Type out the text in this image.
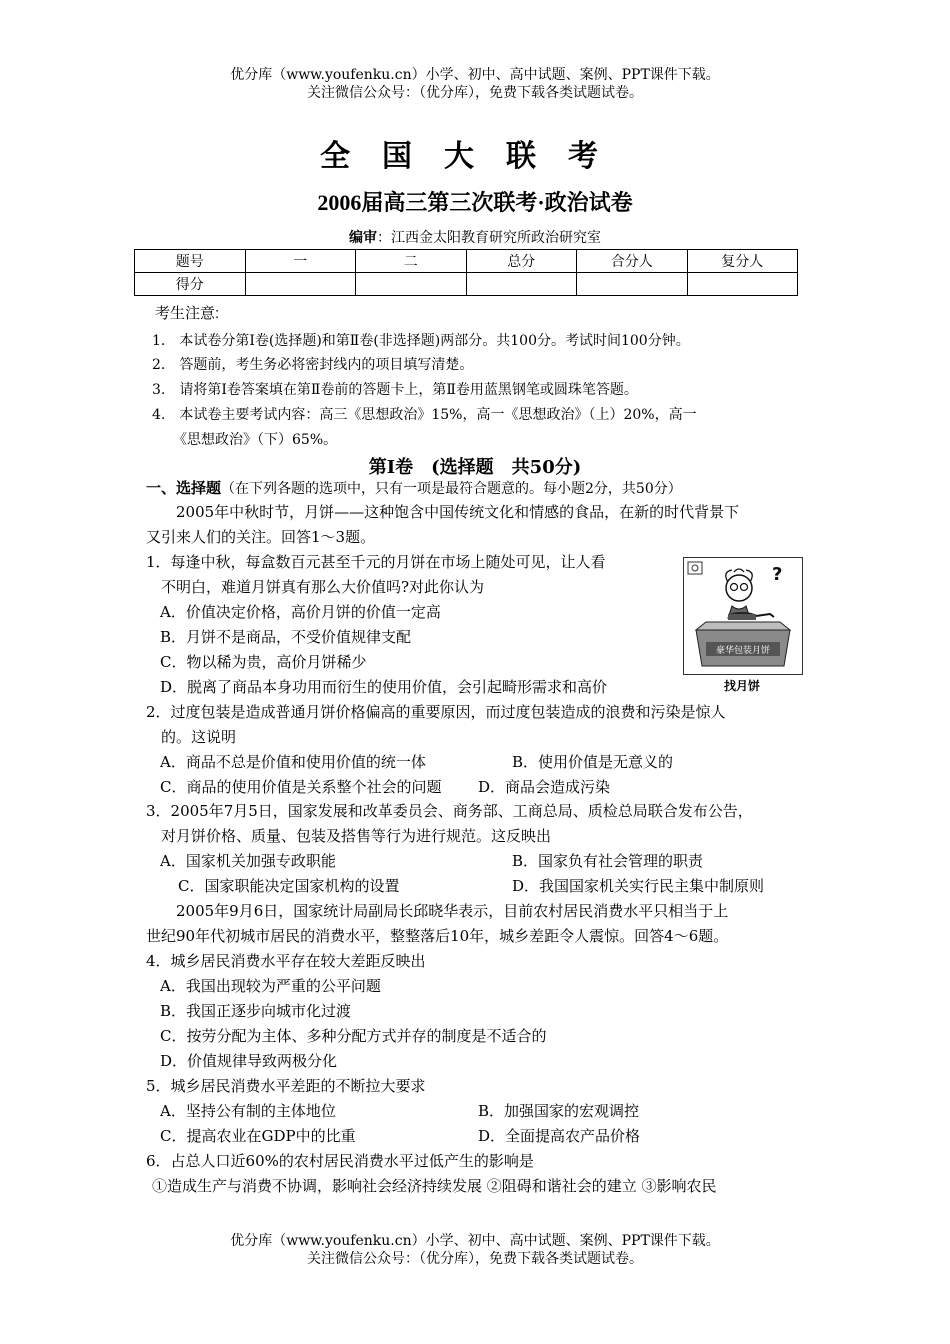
优分库（www.youfenku.cn）小学、初中、高中试题、案例、PPT课件下载。
关注微信公众号：（优分库），免费下载各类试题试卷。
全国大联考
2006届高三第三次联考·政治试卷
编审：江西金太阳教育研究所政治研究室
题号	一	二	总分	合分人	复分人
得分					
考生注意:
1.　本试卷分第Ⅰ卷(选择题)和第Ⅱ卷(非选择题)两部分。共100分。考试时间100分钟。
2.　答题前，考生务必将密封线内的项目填写清楚。
3.　请将第Ⅰ卷答案填在第Ⅱ卷前的答题卡上，第Ⅱ卷用蓝黑钢笔或圆珠笔答题。
4.　本试卷主要考试内容：高三《思想政治》15%，高一《思想政治》（上）20%，高一
　　《思想政治》（下）65%。
第Ⅰ卷　(选择题　共50分)
一、选择题（在下列各题的选项中，只有一项是最符合题意的。每小题2分，共50分）
　　2005年中秋时节，月饼——这种饱含中国传统文化和情感的食品，在新的时代背景下
又引来人们的关注。回答1～3题。
1．每逢中秋，每盒数百元甚至千元的月饼在市场上随处可见，让人看
　不明白，难道月饼真有那么大价值吗?对此你认为
A．价值决定价格，高价月饼的价值一定高
B．月饼不是商品，不受价值规律支配
C．物以稀为贵，高价月饼稀少
D．脱离了商品本身功用而衍生的使用价值，会引起畸形需求和高价
?
豪华包装月饼
找月饼
2．过度包装是造成普通月饼价格偏高的重要原因，而过度包装造成的浪费和污染是惊人
　的。这说明
A．商品不总是价值和使用价值的统一体	B．使用价值是无意义的
C．商品的使用价值是关系整个社会的问题 D．商品会造成污染
3．2005年7月5日，国家发展和改革委员会、商务部、工商总局、质检总局联合发布公告，
　对月饼价格、质量、包装及搭售等行为进行规范。这反映出
A．国家机关加强专政职能	B．国家负有社会管理的职责
C．国家职能决定国家机构的设置	D．我国国家机关实行民主集中制原则
　　2005年9月6日，国家统计局副局长邱晓华表示，目前农村居民消费水平只相当于上
世纪90年代初城市居民的消费水平，整整落后10年，城乡差距令人震惊。回答4～6题。
4．城乡居民消费水平存在较大差距反映出
A．我国出现较为严重的公平问题
B．我国正逐步向城市化过渡
C．按劳分配为主体、多种分配方式并存的制度是不适合的
D．价值规律导致两极分化
5．城乡居民消费水平差距的不断拉大要求
A．坚持公有制的主体地位	B．加强国家的宏观调控
C．提高农业在GDP中的比重	D．全面提高农产品价格
6．占总人口近60%的农村居民消费水平过低产生的影响是
①造成生产与消费不协调，影响社会经济持续发展 ②阻碍和谐社会的建立 ③影响农民
优分库（www.youfenku.cn）小学、初中、高中试题、案例、PPT课件下载。
关注微信公众号：（优分库），免费下载各类试题试卷。
